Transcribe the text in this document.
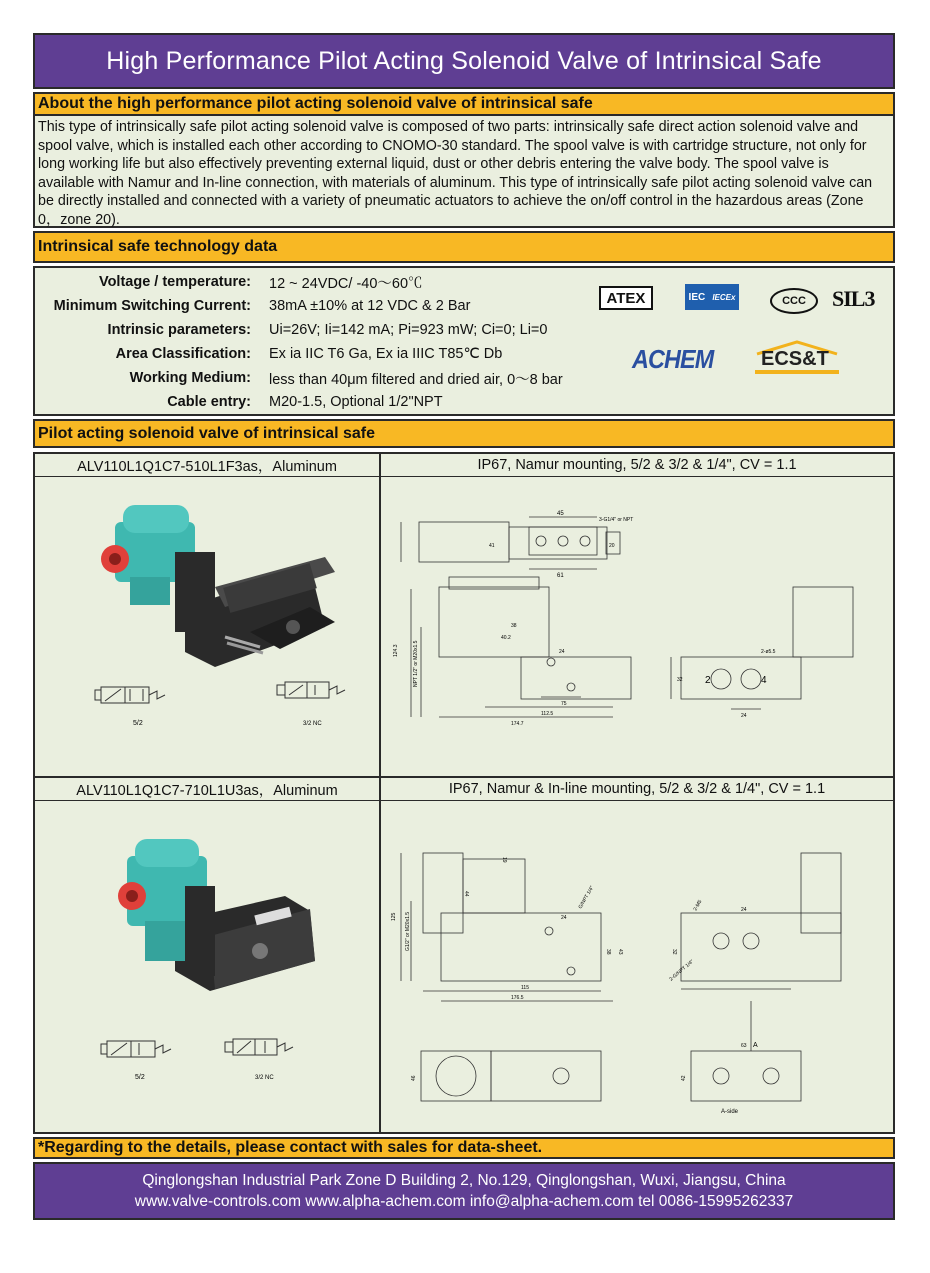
High Performance Pilot Acting Solenoid Valve of Intrinsical Safe
About the high performance pilot acting solenoid valve of intrinsical safe
This type of intrinsically safe pilot acting solenoid valve is composed of two parts: intrinsically safe direct action solenoid valve and spool valve, which is installed each other according to CNOMO-30 standard. The spool valve is with cartridge structure, not only for long working life but also effectively preventing external liquid, dust or other debris entering the valve body. The spool valve is available with Namur and In-line connection, with materials of aluminum. This type of intrinsically safe pilot acting solenoid valve can be directly installed and connected with a variety of pneumatic actuators to achieve the on/off control in the hazardous areas (Zone 0，zone 20).
Intrinsical safe technology data
Voltage / temperature: 12 ~ 24VDC/ -40～60℃
Minimum Switching Current: 38mA ±10% at 12 VDC & 2 Bar
Intrinsic parameters: Ui=26V; Ii=142 mA; Pi=923 mW; Ci=0; Li=0
Area Classification: Ex ia IIC T6 Ga, Ex ia IIIC T85℃ Db
Working Medium: less than 40μm filtered and dried air, 0～8 bar
Cable entry: M20-1.5, Optional 1/2"NPT
ATEX	IEC IECEx	CCC	SIL3
ACHEM ECS&T
Pilot acting solenoid valve of intrinsical safe
ALV110L1Q1C7-510L1F3as，Aluminum
5/2	3/2 NC
IP67, Namur mounting, 5/2 & 3/2 & 1/4", CV = 1.1
45
3-G1/4" or NPT
61
20
41
124.3	NPT 1/2" or M20x1.5
38
24
40.2
75
112.5
174.7
32
24
2-ø5.5
2	4
ALV110L1Q1C7-710L1U3as，Aluminum
5/2	3/2 NC
IP67, Namur & In-line mounting, 5/2 & 3/2 & 1/4", CV = 1.1
125 G1/2" or M20x1.5
44
19
24
G/NPT 1/4"
38 43
115
176.5
2-M5	24
32
2-G/NPT 1/4"
A
46
63
42
A-side
*Regarding to the details, please contact with sales for data-sheet.
Qinglongshan Industrial Park Zone D Building 2, No.129, Qinglongshan, Wuxi, Jiangsu, China
www.valve-controls.com www.alpha-achem.com info@alpha-achem.com tel 0086-15995262337
